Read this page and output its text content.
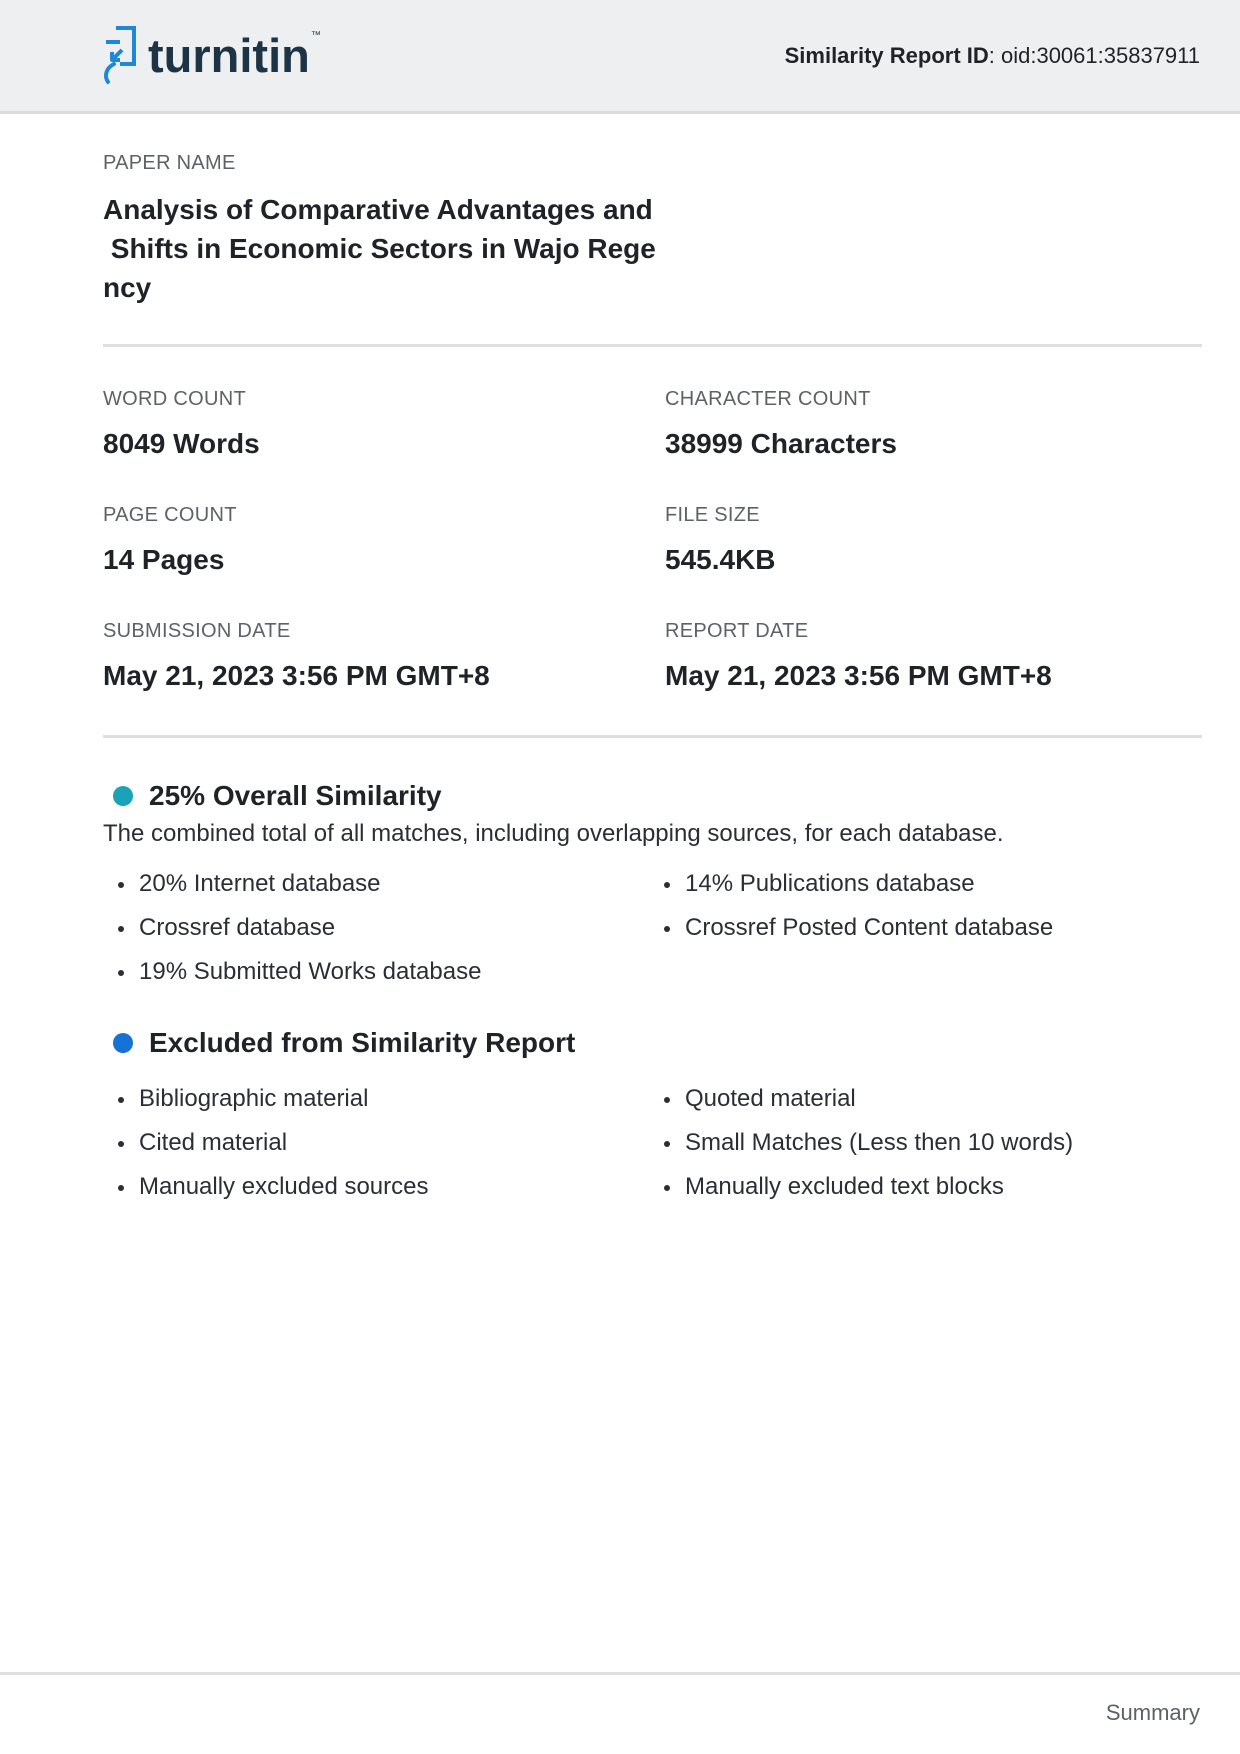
turnitin ™
Similarity Report ID: oid:30061:35837911
PAPER NAME
Analysis of Comparative Advantages and
Shifts in Economic Sectors in Wajo Rege
ncy
WORD COUNT
8049 Words
CHARACTER COUNT
38999 Characters
PAGE COUNT
14 Pages
FILE SIZE
545.4KB
SUBMISSION DATE
May 21, 2023 3:56 PM GMT+8
REPORT DATE
May 21, 2023 3:56 PM GMT+8
25% Overall Similarity
The combined total of all matches, including overlapping sources, for each database.
20% Internet database
Crossref database
19% Submitted Works database
14% Publications database
Crossref Posted Content database
Excluded from Similarity Report
Bibliographic material
Cited material
Manually excluded sources
Quoted material
Small Matches (Less then 10 words)
Manually excluded text blocks
Summary
